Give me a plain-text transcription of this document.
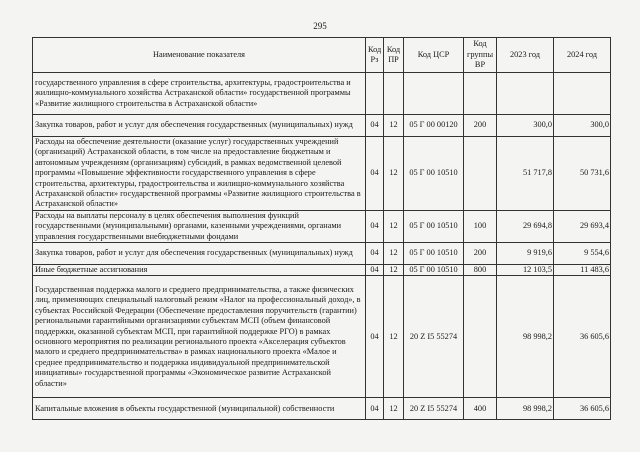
295
Наименование показателя	Код Рз	Код ПР	Код ЦСР	Код группы ВР	2023 год	2024 год
государственного управления в сфере строительства, архитектуры, градостроительства и жилищно-коммунального хозяйства Астраханской области» государственной программы «Развитие жилищного строительства в Астраханской области»						
Закупка товаров, работ и услуг для обеспечения государственных (муниципальных) нужд	04	12	05 Г 00 00120	200	300,0	300,0
Расходы на обеспечение деятельности (оказание услуг) государственных учреждений (организаций) Астраханской области, в том числе на предоставление бюджетным и автономным учреждениям (организациям) субсидий, в рамках ведомственной целевой программы «Повышение эффективности государственного управления в сфере строительства, архитектуры, градостроительства и жилищно-коммунального хозяйства Астраханской области» государственной программы «Развитие жилищного строительства в Астраханской области»	04	12	05 Г 00 10510		51 717,8	50 731,6
Расходы на выплаты персоналу в целях обеспечения выполнения функций государственными (муниципальными) органами, казенными учреждениями, органами управления государственными внебюджетными фондами	04	12	05 Г 00 10510	100	29 694,8	29 693,4
Закупка товаров, работ и услуг для обеспечения государственных (муниципальных) нужд	04	12	05 Г 00 10510	200	9 919,6	9 554,6
Иные бюджетные ассигнования	04	12	05 Г 00 10510	800	12 103,5	11 483,6
Государственная поддержка малого и среднего предпринимательства, а также физических лиц, применяющих специальный налоговый режим «Налог на профессиональный доход», в субъектах Российской Федерации (Обеспечение предоставления поручительств (гарантии) региональными гарантийными организациями субъектам МСП (объем финансовой поддержки, оказанной субъектам МСП, при гарантийной поддержке РГО) в рамках основного мероприятия по реализации регионального проекта «Акселерация субъектов малого и среднего предпринимательства» в рамках национального проекта «Малое и среднее предпринимательство и поддержка индивидуальной предпринимательской инициативы» государственной программы «Экономическое развитие Астраханской области»	04	12	20 Z I5 55274		98 998,2	36 605,6
Капитальные вложения в объекты государственной (муниципальной) собственности	04	12	20 Z I5 55274	400	98 998,2	36 605,6
